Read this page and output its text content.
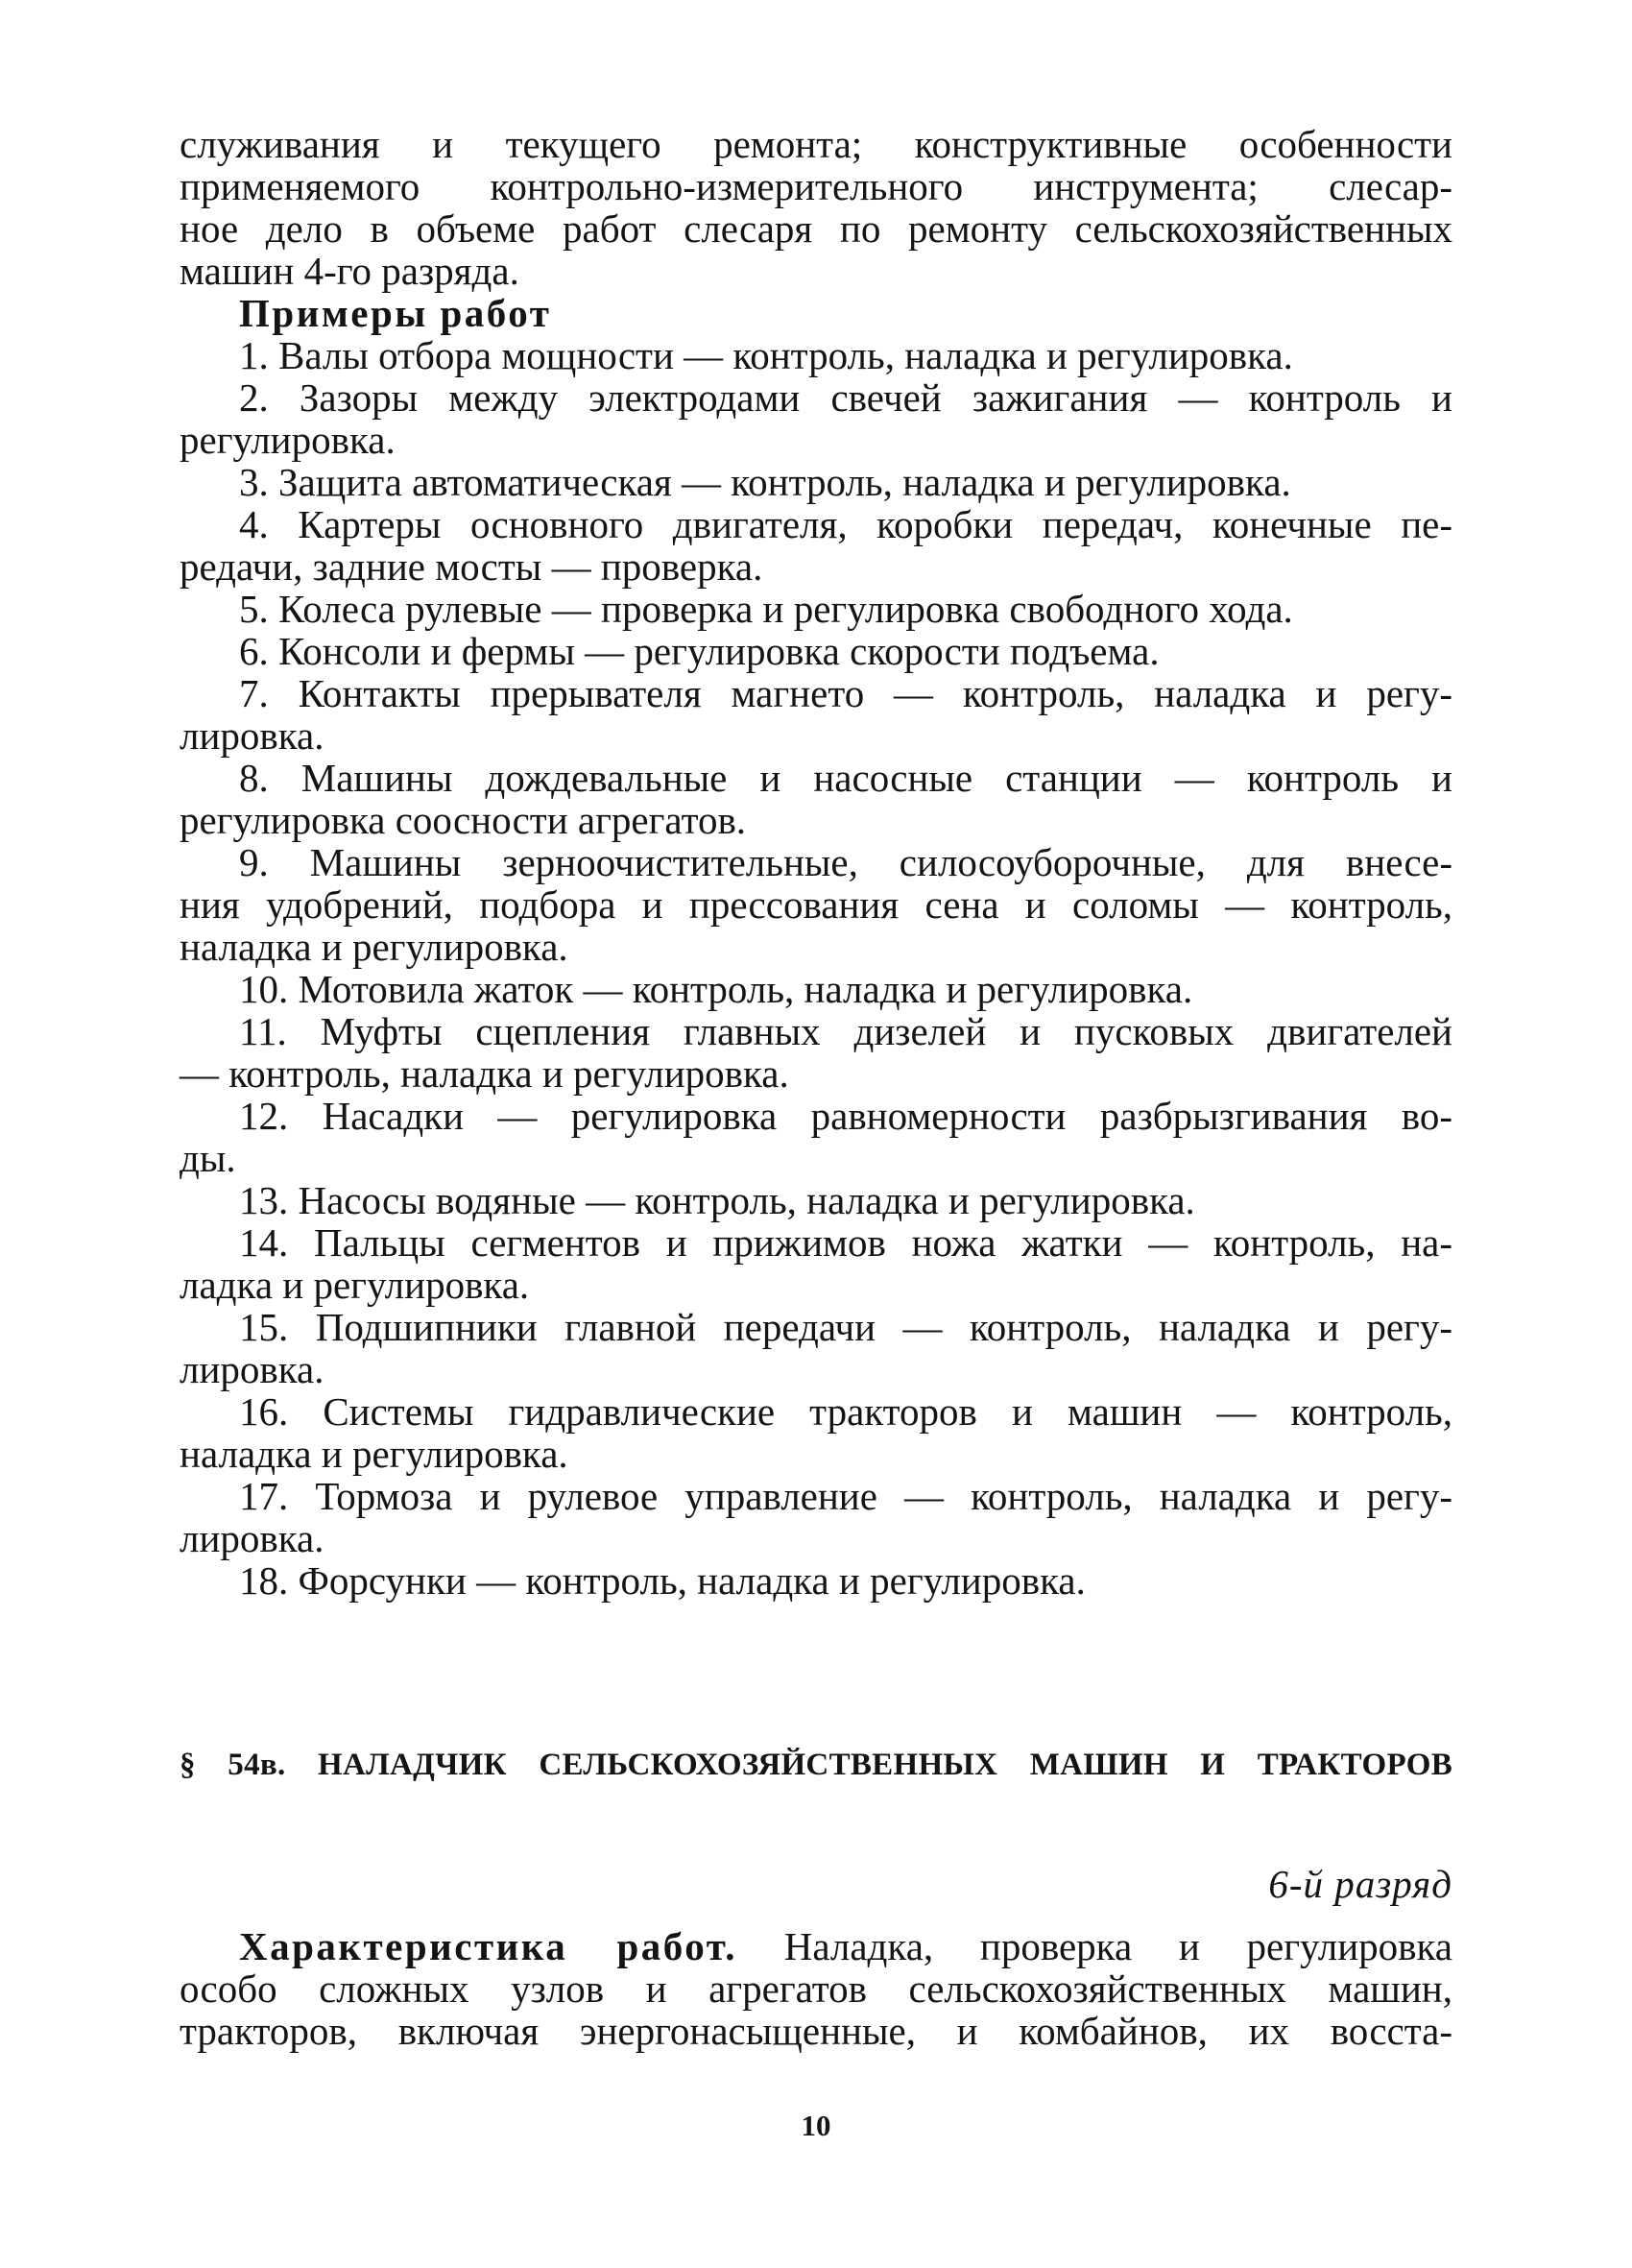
служивания и текущего ремонта; конструктивные особенности
применяемого контрольно-измерительного инструмента; слесар-
ное дело в объеме работ слесаря по ремонту сельскохозяйственных
машин 4-го разряда.
Примеры работ
1. Валы отбора мощности — контроль, наладка и регулировка.
2. Зазоры между электродами свечей зажигания — контроль и
регулировка.
3. Защита автоматическая — контроль, наладка и регулировка.
4. Картеры основного двигателя, коробки передач, конечные пе-
редачи, задние мосты — проверка.
5. Колеса рулевые — проверка и регулировка свободного хода.
6. Консоли и фермы — регулировка скорости подъема.
7. Контакты прерывателя магнето — контроль, наладка и регу-
лировка.
8. Машины дождевальные и насосные станции — контроль и
регулировка соосности агрегатов.
9. Машины зерноочистительные, силосоуборочные, для внесе-
ния удобрений, подбора и прессования сена и соломы — контроль,
наладка и регулировка.
10. Мотовила жаток — контроль, наладка и регулировка.
11. Муфты сцепления главных дизелей и пусковых двигателей
— контроль, наладка и регулировка.
12. Насадки — регулировка равномерности разбрызгивания во-
ды.
13. Насосы водяные — контроль, наладка и регулировка.
14. Пальцы сегментов и прижимов ножа жатки — контроль, на-
ладка и регулировка.
15. Подшипники главной передачи — контроль, наладка и регу-
лировка.
16. Системы гидравлические тракторов и машин — контроль,
наладка и регулировка.
17. Тормоза и рулевое управление — контроль, наладка и регу-
лировка.
18. Форсунки — контроль, наладка и регулировка.
§ 54в. НАЛАДЧИК СЕЛЬСКОХОЗЯЙСТВЕННЫХ МАШИН И ТРАКТОРОВ
6-й разряд
Характеристика работ. Наладка, проверка и регулировка
особо сложных узлов и агрегатов сельскохозяйственных машин,
тракторов, включая энергонасыщенные, и комбайнов, их восста-
10
